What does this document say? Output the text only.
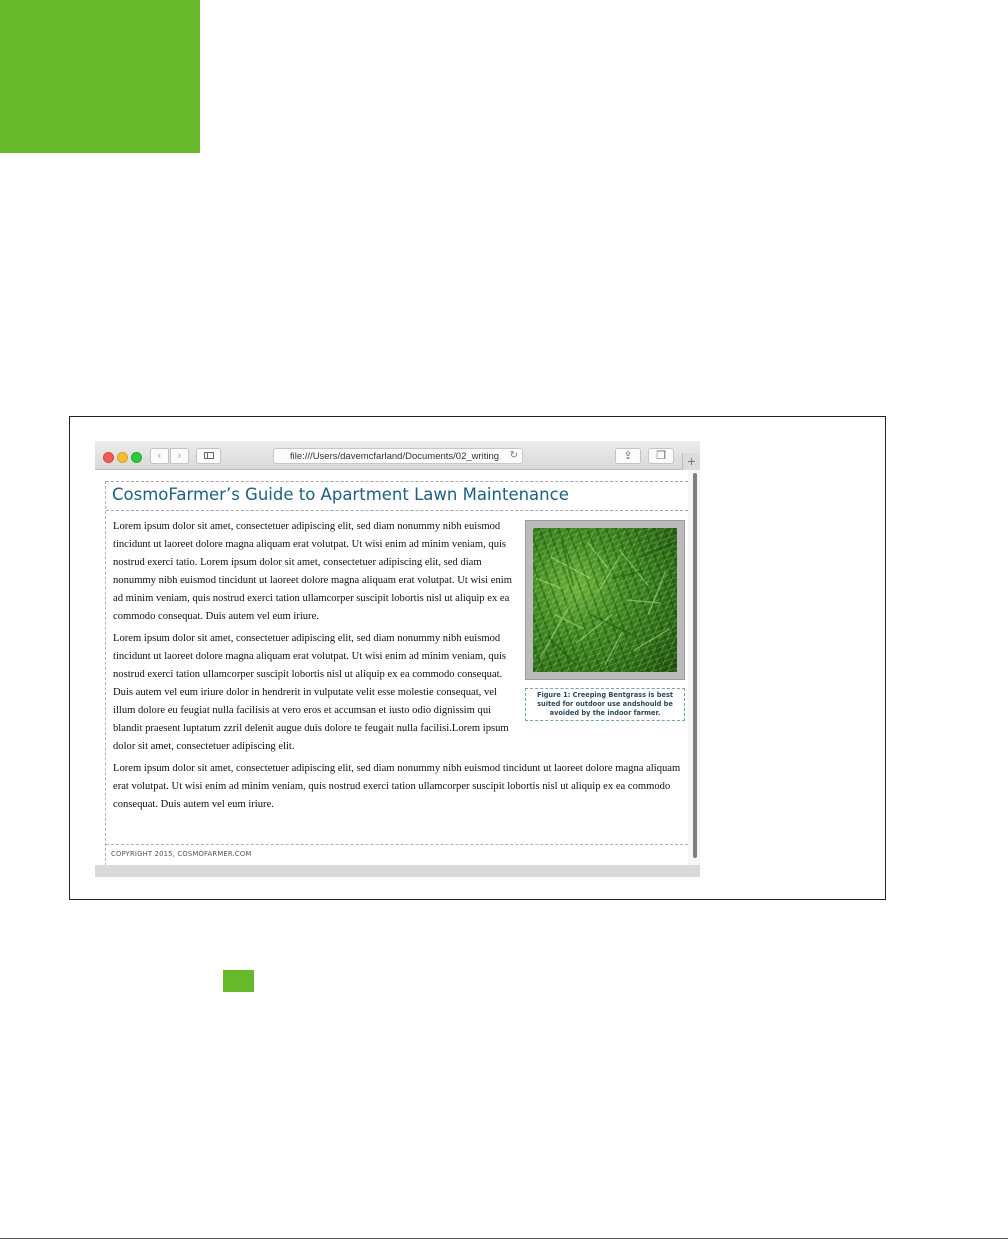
‹	›	file:///Users/davemcfarland/Documents/02_writing ↻	⇪	❐	+
CosmoFarmer’s Guide to Apartment Lawn Maintenance
Figure 1: Creeping Bentgrass is best suited for outdoor use andshould be avoided by the indoor farmer.

Lorem ipsum dolor sit amet, consectetuer adipiscing elit, sed diam nonummy nibh euismod tincidunt ut laoreet dolore magna aliquam erat volutpat. Ut wisi enim ad minim veniam, quis nostrud exerci tatio. Lorem ipsum dolor sit amet, consectetuer adipiscing elit, sed diam nonummy nibh euismod tincidunt ut laoreet dolore magna aliquam erat volutpat. Ut wisi enim ad minim veniam, quis nostrud exerci tation ullamcorper suscipit lobortis nisl ut aliquip ex ea commodo consequat. Duis autem vel eum iriure.

Lorem ipsum dolor sit amet, consectetuer adipiscing elit, sed diam nonummy nibh euismod tincidunt ut laoreet dolore magna aliquam erat volutpat. Ut wisi enim ad minim veniam, quis nostrud exerci tation ullamcorper suscipit lobortis nisl ut aliquip ex ea commodo consequat. Duis autem vel eum iriure dolor in hendrerit in vulputate velit esse molestie consequat, vel illum dolore eu feugiat nulla facilisis at vero eros et accumsan et iusto odio dignissim qui blandit praesent luptatum zzril delenit augue duis dolore te feugait nulla facilisi.Lorem ipsum dolor sit amet, consectetuer adipiscing elit.

Lorem ipsum dolor sit amet, consectetuer adipiscing elit, sed diam nonummy nibh euismod tincidunt ut laoreet dolore magna aliquam erat volutpat. Ut wisi enim ad minim veniam, quis nostrud exerci tation ullamcorper suscipit lobortis nisl ut aliquip ex ea commodo consequat. Duis autem vel eum iriure.

COPYRIGHT 2015, COSMOFARMER.COM
